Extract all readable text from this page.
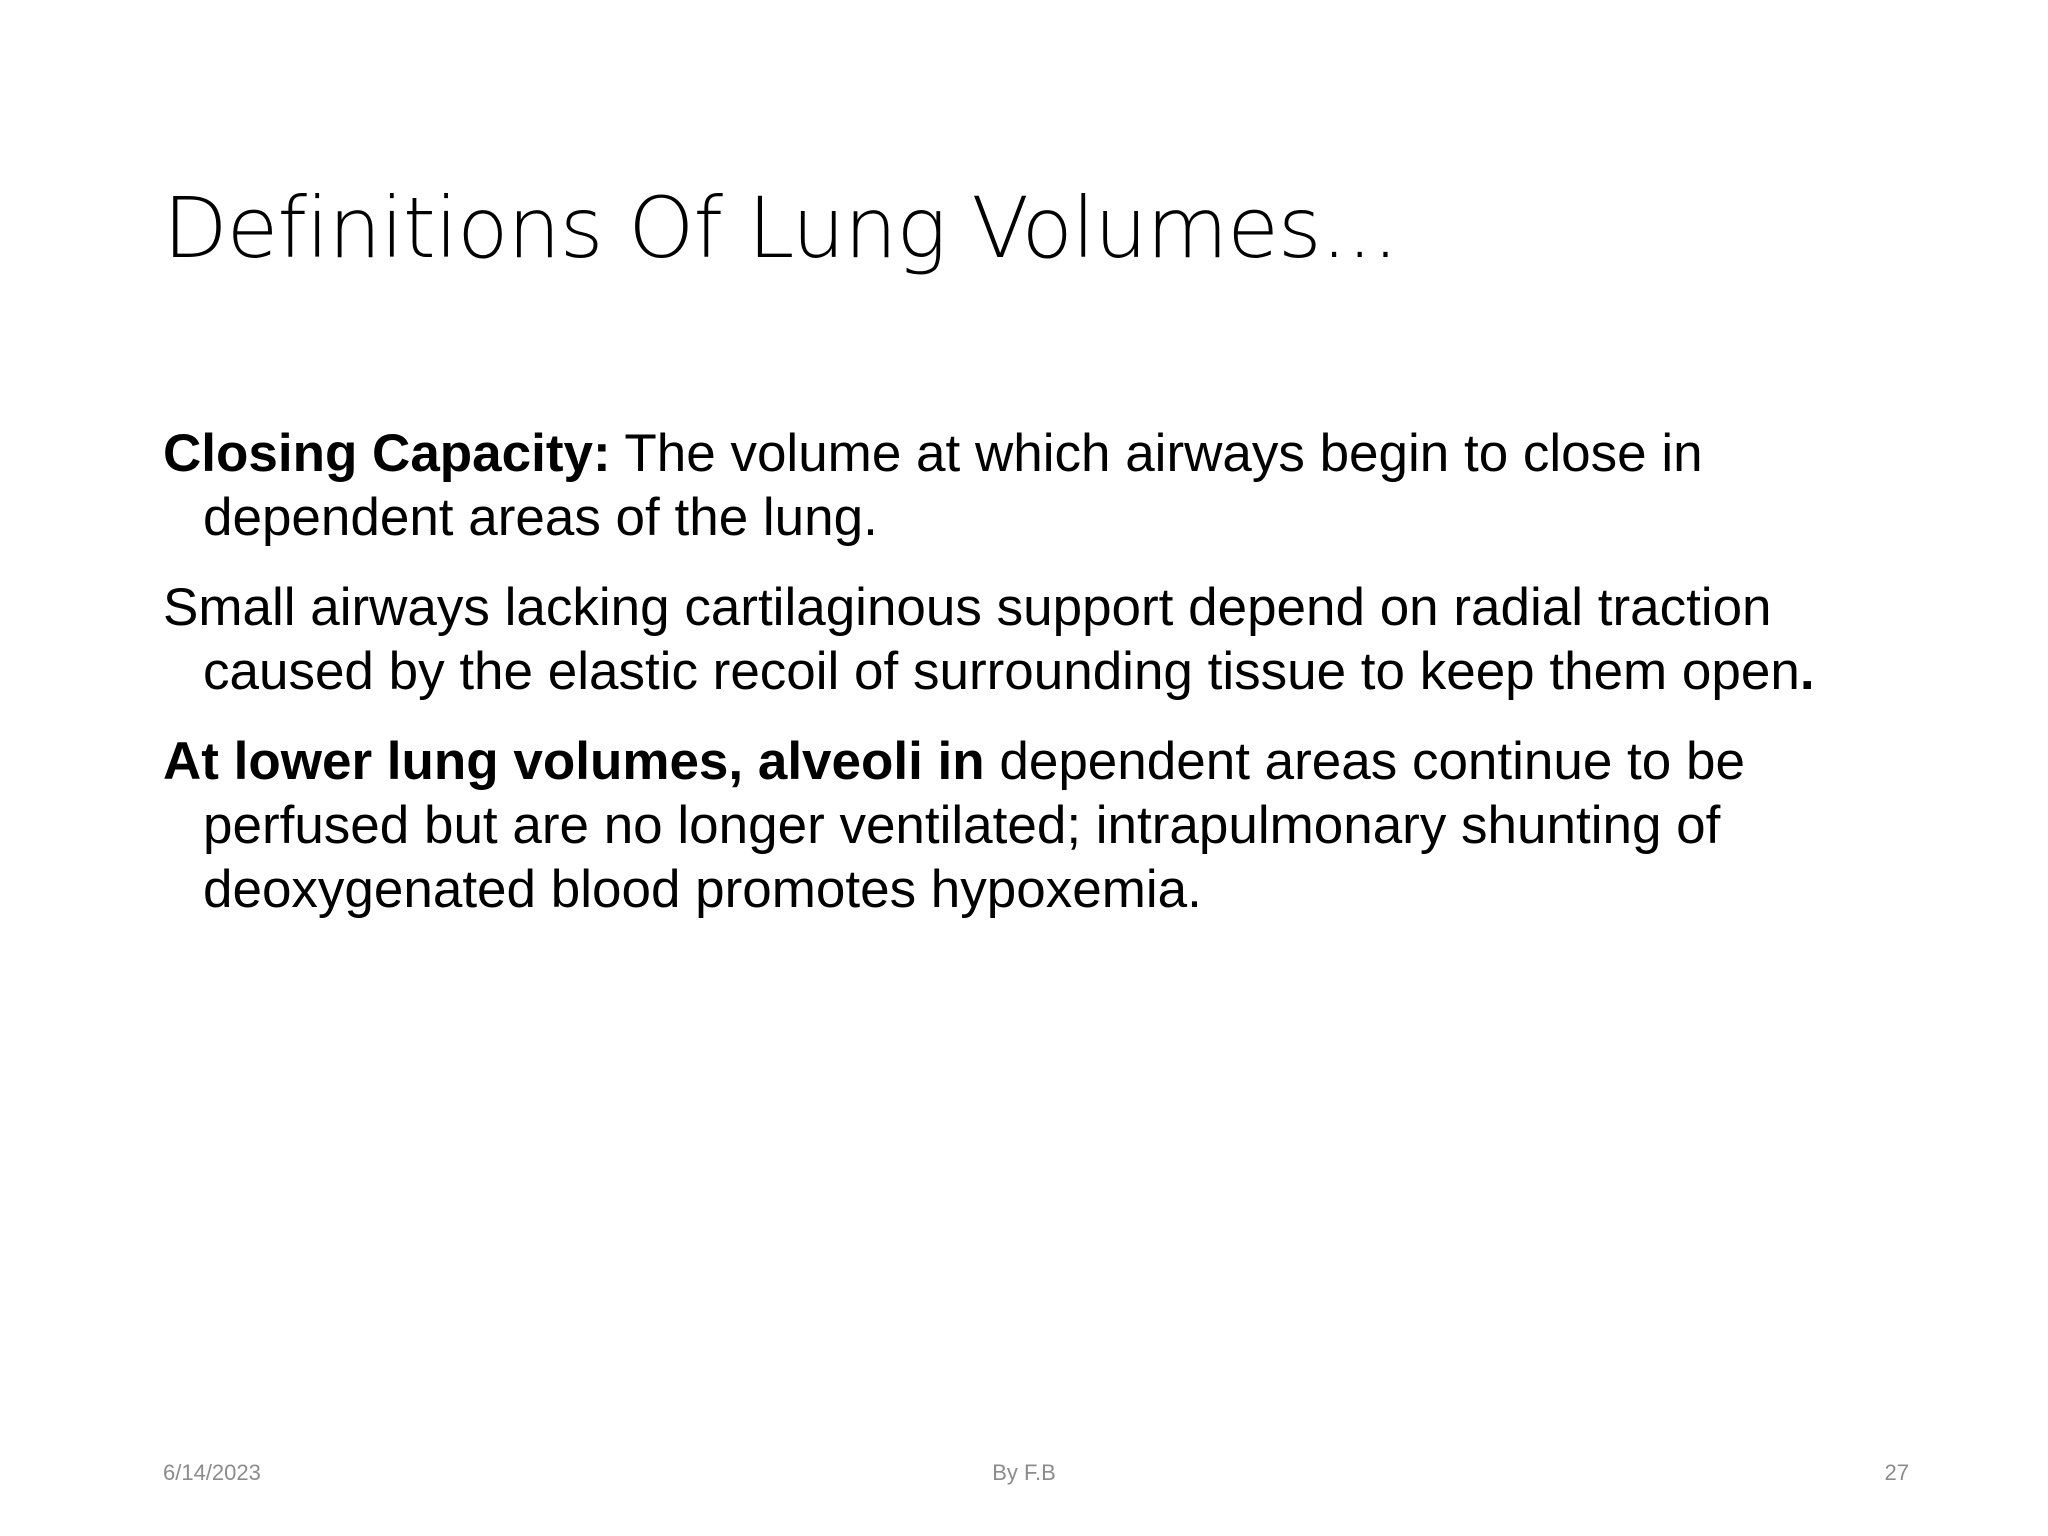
Definitions Of Lung Volumes...

Closing Capacity: The volume at which airways begin to close in dependent areas of the lung.

Small airways lacking cartilaginous support depend on radial traction caused by the elastic recoil of surrounding tissue to keep them open.

At lower lung volumes, alveoli in dependent areas continue to be perfused but are no longer ventilated; intrapulmonary shunting of deoxygenated blood promotes hypoxemia.

6/14/2023	By F.B	27
